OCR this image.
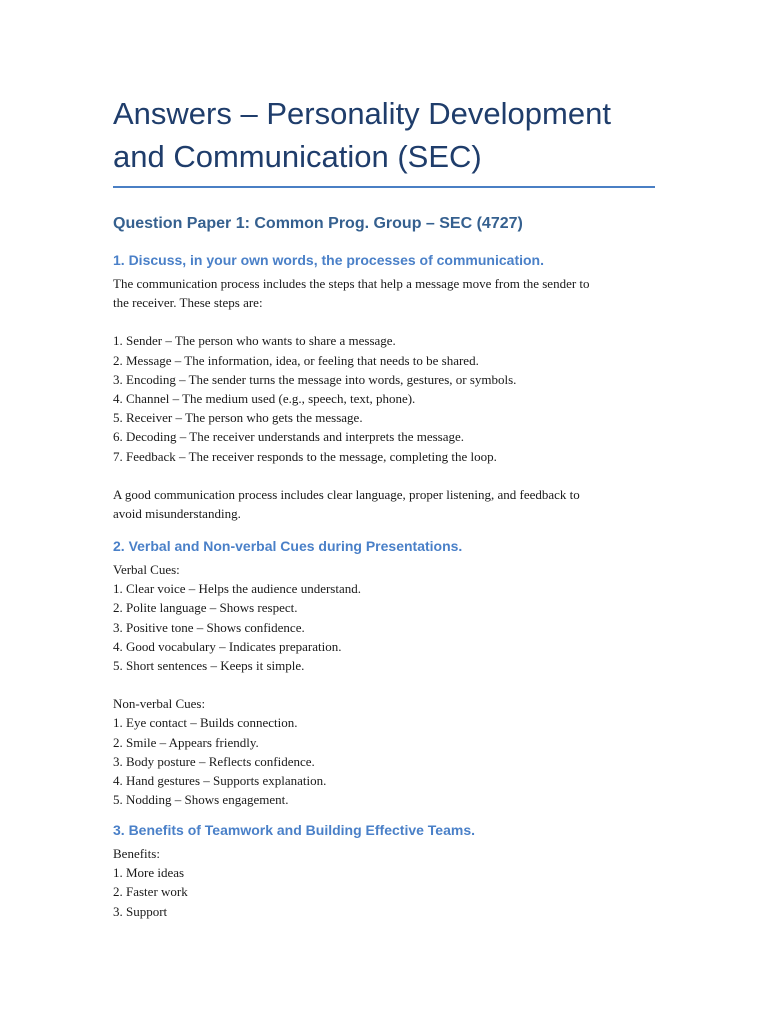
Answers – Personality Development
and Communication (SEC)
Question Paper 1: Common Prog. Group – SEC (4727)
1. Discuss, in your own words, the processes of communication.

The communication process includes the steps that help a message move from the sender to
the receiver. These steps are:

1. Sender – The person who wants to share a message.

2. Message – The information, idea, or feeling that needs to be shared.

3. Encoding – The sender turns the message into words, gestures, or symbols.

4. Channel – The medium used (e.g., speech, text, phone).

5. Receiver – The person who gets the message.

6. Decoding – The receiver understands and interprets the message.

7. Feedback – The receiver responds to the message, completing the loop.

A good communication process includes clear language, proper listening, and feedback to
avoid misunderstanding.

2. Verbal and Non-verbal Cues during Presentations.

Verbal Cues:

1. Clear voice – Helps the audience understand.

2. Polite language – Shows respect.

3. Positive tone – Shows confidence.

4. Good vocabulary – Indicates preparation.

5. Short sentences – Keeps it simple.

Non-verbal Cues:

1. Eye contact – Builds connection.

2. Smile – Appears friendly.

3. Body posture – Reflects confidence.

4. Hand gestures – Supports explanation.

5. Nodding – Shows engagement.

3. Benefits of Teamwork and Building Effective Teams.

Benefits:

1. More ideas

2. Faster work

3. Support
